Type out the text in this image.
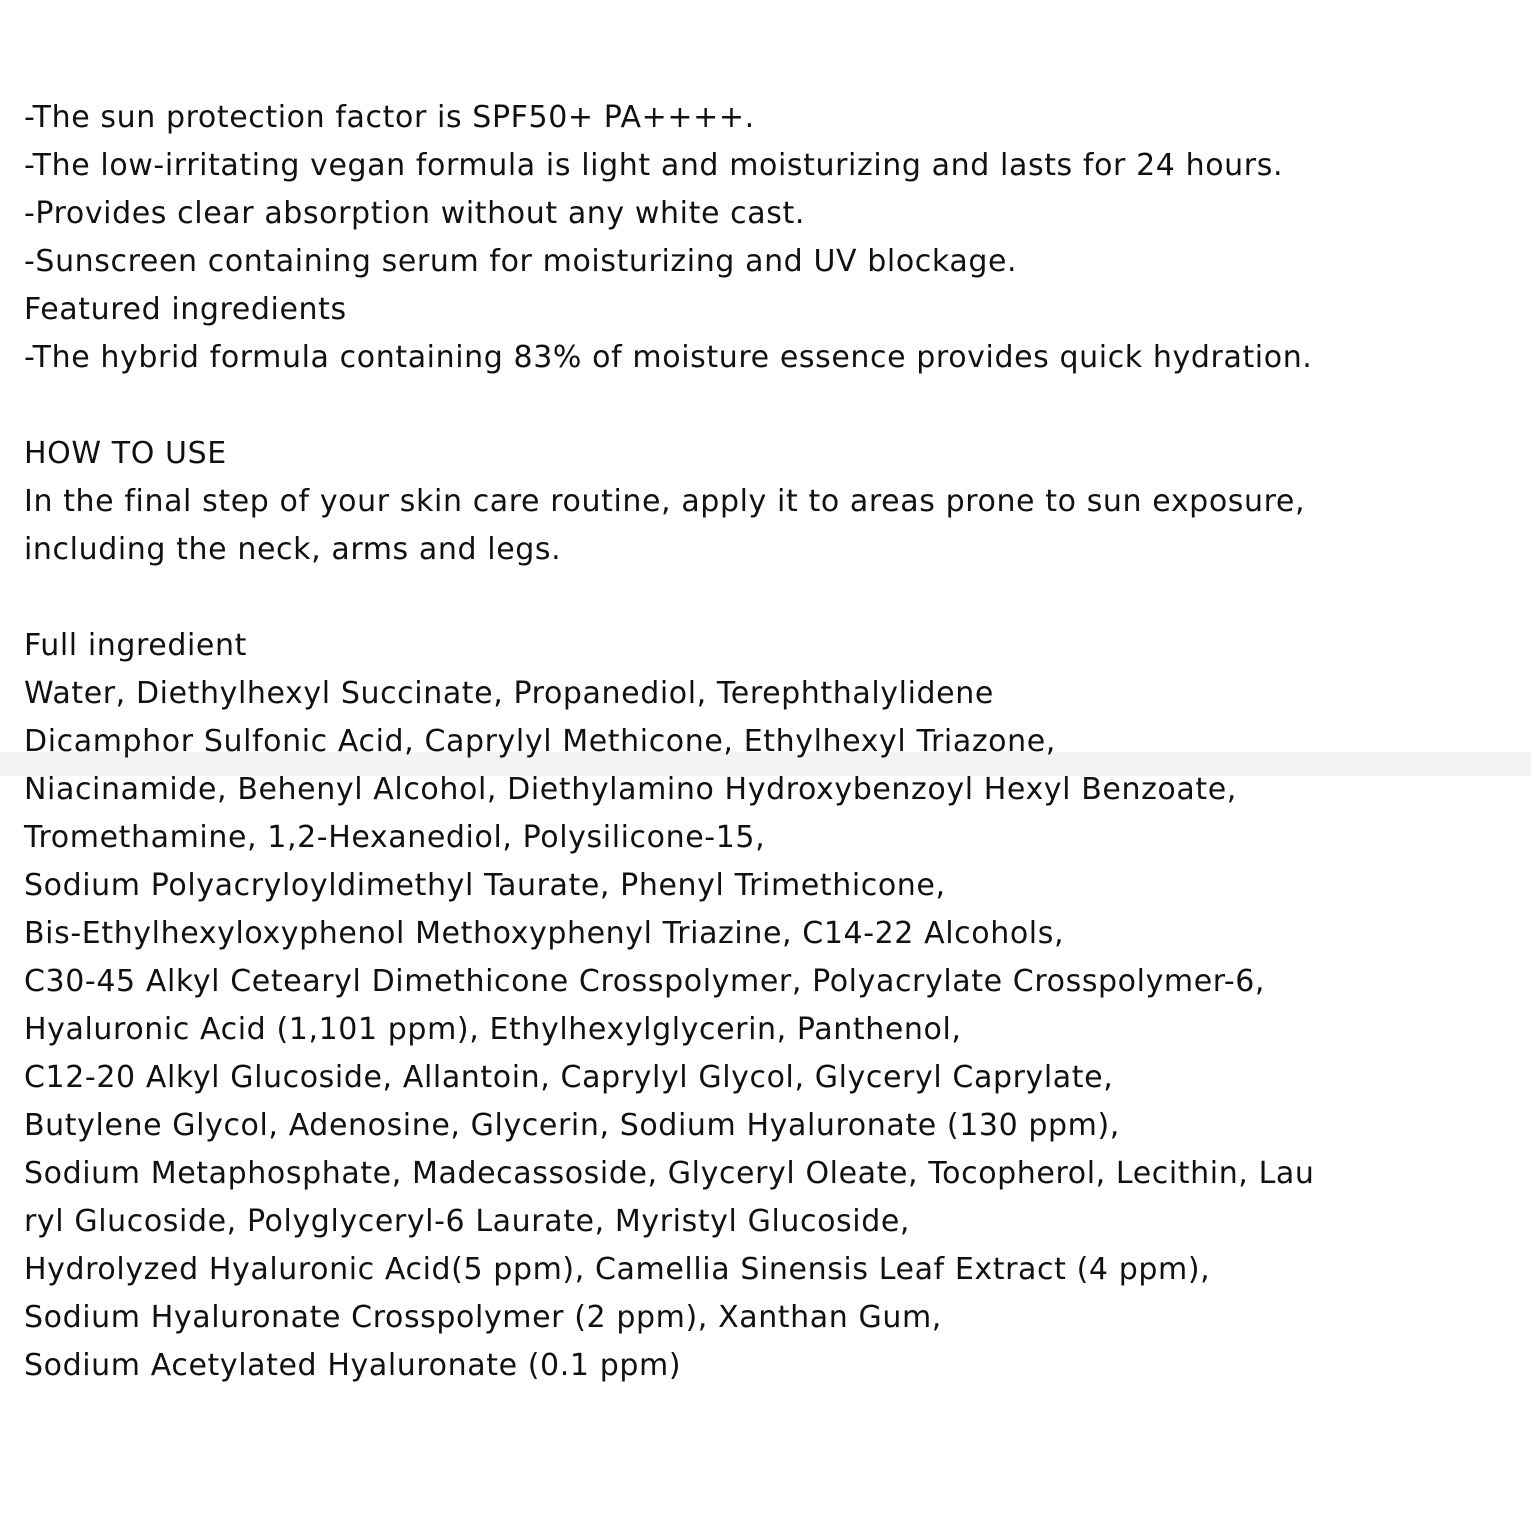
-The sun protection factor is SPF50+ PA++++.
-The low-irritating vegan formula is light and moisturizing and lasts for 24 hours.
-Provides clear absorption without any white cast.
-Sunscreen containing serum for moisturizing and UV blockage.
Featured ingredients
-The hybrid formula containing 83% of moisture essence provides quick hydration.
HOW TO USE
In the final step of your skin care routine, apply it to areas prone to sun exposure,
including the neck, arms and legs.
Full ingredient
Water, Diethylhexyl Succinate, Propanediol, Terephthalylidene
Dicamphor Sulfonic Acid, Caprylyl Methicone, Ethylhexyl Triazone,
Niacinamide, Behenyl Alcohol, Diethylamino Hydroxybenzoyl Hexyl Benzoate,
Tromethamine, 1,2-Hexanediol, Polysilicone-15,
Sodium Polyacryloyldimethyl Taurate, Phenyl Trimethicone,
Bis-Ethylhexyloxyphenol Methoxyphenyl Triazine, C14-22 Alcohols,
C30-45 Alkyl Cetearyl Dimethicone Crosspolymer, Polyacrylate Crosspolymer-6,
Hyaluronic Acid (1,101 ppm), Ethylhexylglycerin, Panthenol,
C12-20 Alkyl Glucoside, Allantoin, Caprylyl Glycol, Glyceryl Caprylate,
Butylene Glycol, Adenosine, Glycerin, Sodium Hyaluronate (130 ppm),
Sodium Metaphosphate, Madecassoside, Glyceryl Oleate, Tocopherol, Lecithin, Lau
ryl Glucoside, Polyglyceryl-6 Laurate, Myristyl Glucoside,
Hydrolyzed Hyaluronic Acid(5 ppm), Camellia Sinensis Leaf Extract (4 ppm),
Sodium Hyaluronate Crosspolymer (2 ppm), Xanthan Gum,
Sodium Acetylated Hyaluronate (0.1 ppm)
